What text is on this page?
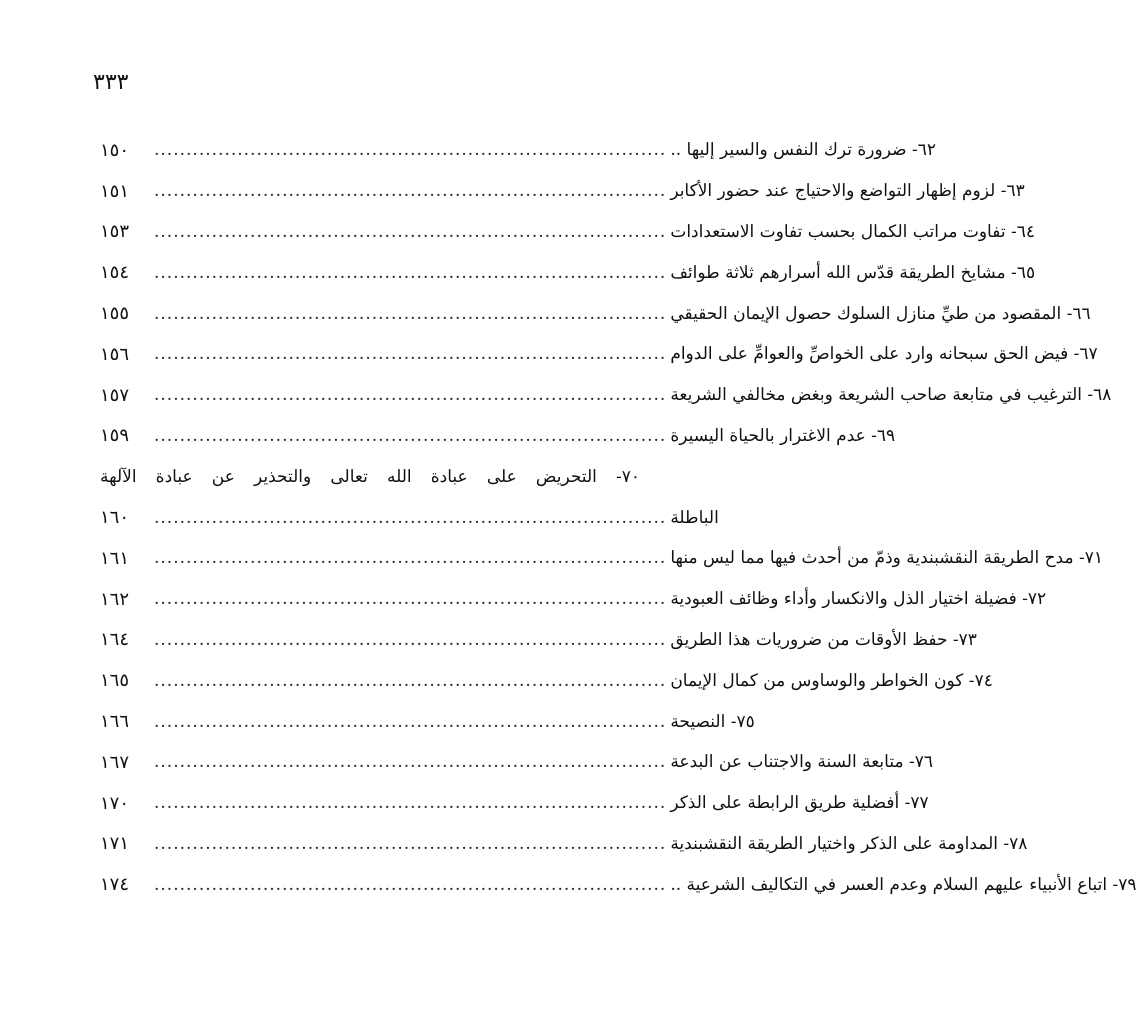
٣٣٣
١٥٠	................................................................................ ٦٢- ضرورة ترك النفس والسير إليها ..
١٥١	................................................................................ ٦٣- لزوم إظهار التواضع والاحتياج عند حضور الأكابر
١٥٣	................................................................................ ٦٤- تفاوت مراتب الكمال بحسب تفاوت الاستعدادات
١٥٤	................................................................................ ٦٥- مشايخ الطريقة قدّس الله أسرارهم ثلاثة طوائف
١٥٥	................................................................................ ٦٦- المقصود من طيِّ منازل السلوك حصول الإيمان الحقيقي
١٥٦	................................................................................ ٦٧- فيض الحق سبحانه وارد على الخواصِّ والعوامِّ على الدوام
١٥٧	................................................................................ ٦٨- الترغيب في متابعة صاحب الشريعة وبغض مخالفي الشريعة
١٥٩	................................................................................ ٦٩- عدم الاغترار بالحياة اليسيرة
٧٠- التحريض على عبادة الله تعالى والتحذير عن عبادة الآلهة
١٦٠	................................................................................ الباطلة
١٦١	................................................................................ ٧١- مدح الطريقة النقشبندية وذمّ من أحدث فيها مما ليس منها
١٦٢	................................................................................ ٧٢- فضيلة اختيار الذل والانكسار وأداء وظائف العبودية
١٦٤	................................................................................ ٧٣- حفظ الأوقات من ضروريات هذا الطريق
١٦٥	................................................................................ ٧٤- كون الخواطر والوساوس من كمال الإيمان
١٦٦	................................................................................ ٧٥- النصيحة
١٦٧	................................................................................ ٧٦- متابعة السنة والاجتناب عن البدعة
١٧٠	................................................................................ ٧٧- أفضلية طريق الرابطة على الذكر
١٧١	................................................................................ ٧٨- المداومة على الذكر واختيار الطريقة النقشبندية
١٧٤	................................................................................ ٧٩- اتباع الأنبياء عليهم السلام وعدم العسر في التكاليف الشرعية ..
